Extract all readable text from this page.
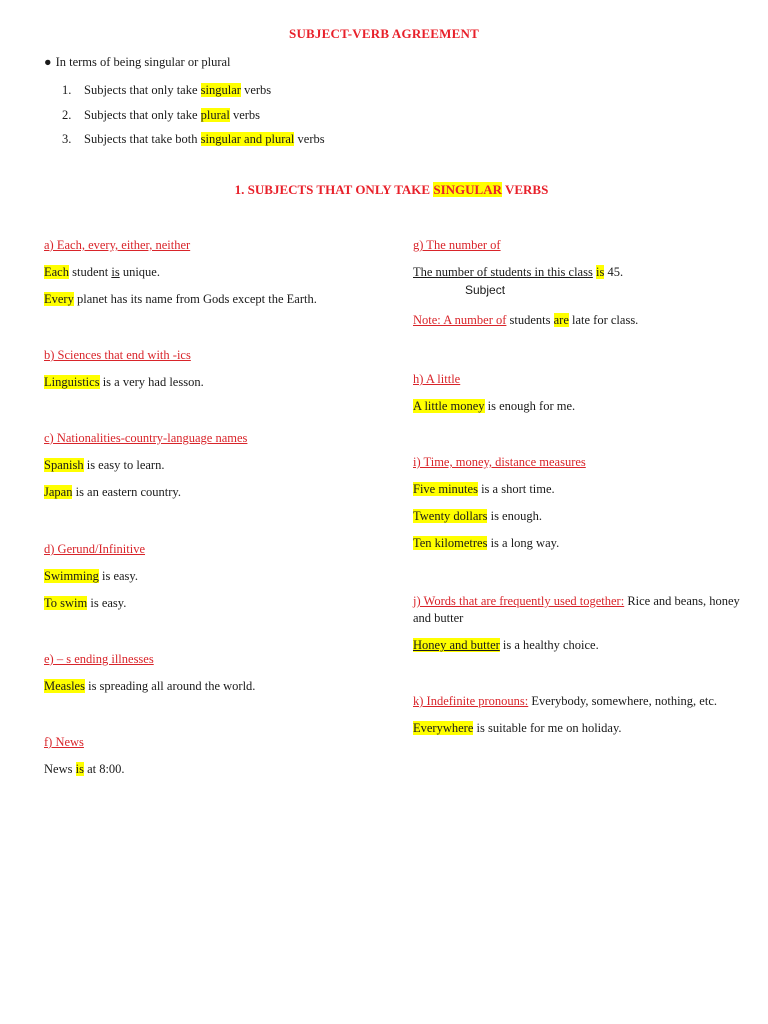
SUBJECT-VERB AGREEMENT
● In terms of being singular or plural
1. Subjects that only take singular verbs
2. Subjects that only take plural verbs
3. Subjects that take both singular and plural verbs
1. SUBJECTS THAT ONLY TAKE SINGULAR VERBS
a) Each, every, either, neither
Each student is unique.
Every planet has its name from Gods except the Earth.
b) Sciences that end with -ics
Linguistics is a very had lesson.
c) Nationalities-country-language names
Spanish is easy to learn.
Japan is an eastern country.
d) Gerund/Infinitive
Swimming is easy.
To swim is easy.
e) – s ending illnesses
Measles is spreading all around the world.
f) News
News is at 8:00.
g) The number of
The number of students in this class is 45.
Subject
Note: A number of students are late for class.
h) A little
A little money is enough for me.
i) Time, money, distance measures
Five minutes is a short time.
Twenty dollars is enough.
Ten kilometres is a long way.
j) Words that are frequently used together: Rice and beans, honey and butter
Honey and butter is a healthy choice.
k) Indefinite pronouns: Everybody, somewhere, nothing, etc.
Everywhere is suitable for me on holiday.
